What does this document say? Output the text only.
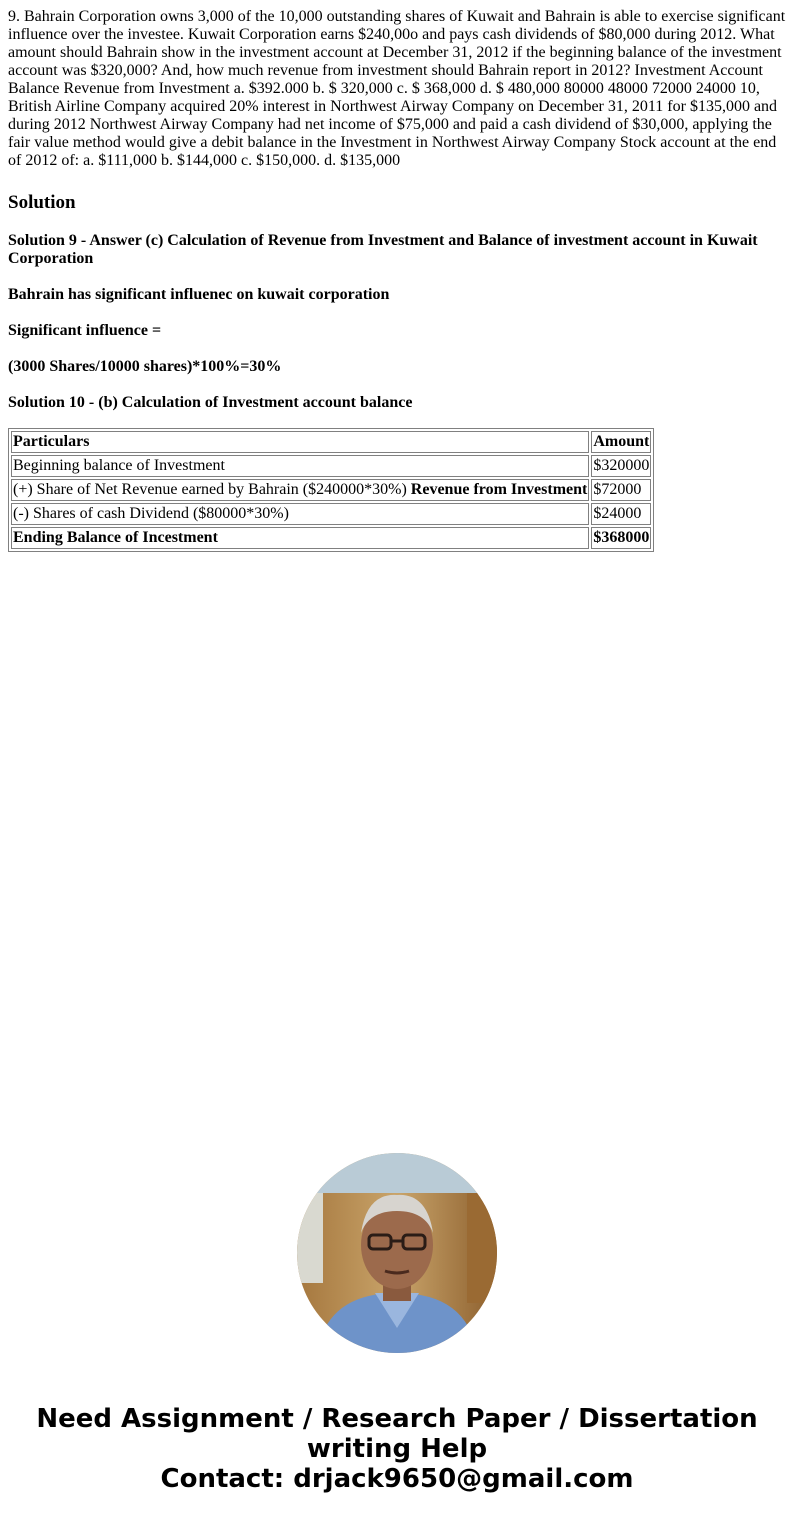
9. Bahrain Corporation owns 3,000 of the 10,000 outstanding shares of Kuwait and Bahrain is able to exercise significant influence over the investee. Kuwait Corporation earns $240,00o and pays cash dividends of $80,000 during 2012. What amount should Bahrain show in the investment account at December 31, 2012 if the beginning balance of the investment account was $320,000? And, how much revenue from investment should Bahrain report in 2012? Investment Account Balance Revenue from Investment a. $392.000 b. $ 320,000 c. $ 368,000 d. $ 480,000 80000 48000 72000 24000 10, British Airline Company acquired 20% interest in Northwest Airway Company on December 31, 2011 for $135,000 and during 2012 Northwest Airway Company had net income of $75,000 and paid a cash dividend of $30,000, applying the fair value method would give a debit balance in the Investment in Northwest Airway Company Stock account at the end of 2012 of: a. $111,000 b. $144,000 c. $150,000. d. $135,000

Solution
Solution 9 - Answer (c) Calculation of Revenue from Investment and Balance of investment account in Kuwait Corporation
Bahrain has significant influenec on kuwait corporation
Significant influence =
(3000 Shares/10000 shares)*100%=30%
Solution 10 - (b) Calculation of Investment account balance
Particulars	Amount
Beginning balance of Investment	$320000
(+) Share of Net Revenue earned by Bahrain ($240000*30%) Revenue from Investment	$72000
(-) Shares of cash Dividend ($80000*30%)	$24000
Ending Balance of Incestment	$368000
Need Assignment / Research Paper / Dissertation
writing Help
Contact: drjack9650@gmail.com
